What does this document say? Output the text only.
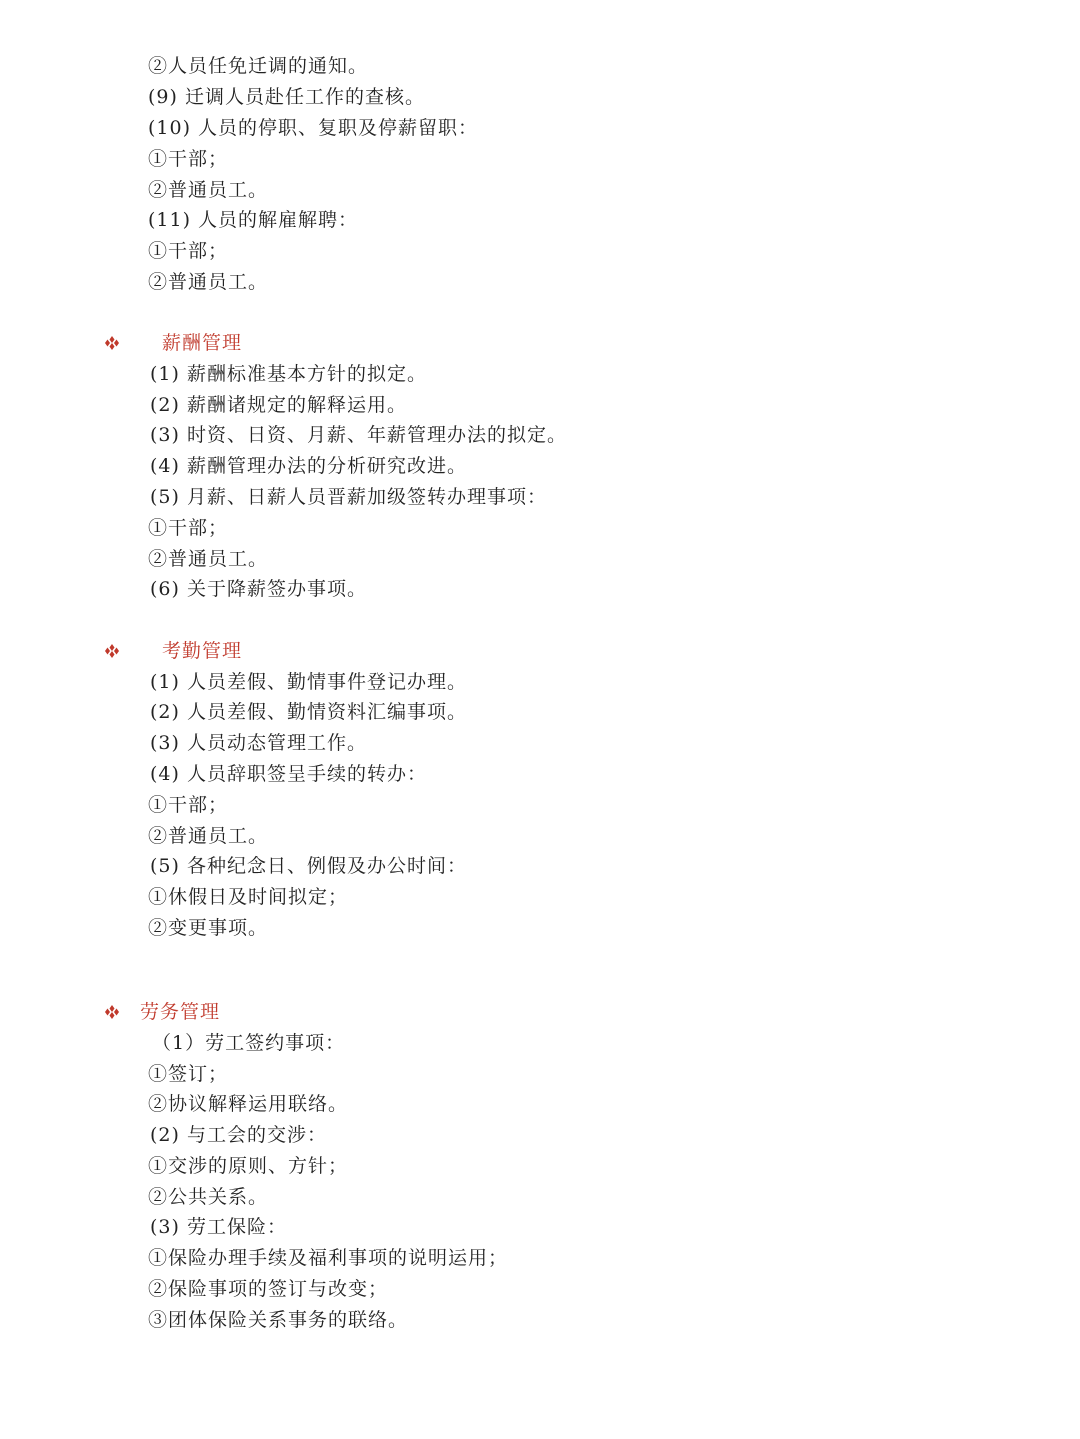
②人员任免迁调的通知。
(9) 迁调人员赴任工作的查核。
(10) 人员的停职、复职及停薪留职：
①干部；
②普通员工。
(11) 人员的解雇解聘：
①干部；
②普通员工。
薪酬管理
(1) 薪酬标准基本方针的拟定。
(2) 薪酬诸规定的解释运用。
(3) 时资、日资、月薪、年薪管理办法的拟定。
(4) 薪酬管理办法的分析研究改进。
(5) 月薪、日薪人员晋薪加级签转办理事项：
①干部；
②普通员工。
(6) 关于降薪签办事项。
考勤管理
(1) 人员差假、勤情事件登记办理。
(2) 人员差假、勤情资料汇编事项。
(3) 人员动态管理工作。
(4) 人员辞职签呈手续的转办：
①干部；
②普通员工。
(5) 各种纪念日、例假及办公时间：
①休假日及时间拟定；
②变更事项。
劳务管理
（1）劳工签约事项：
①签订；
②协议解释运用联络。
(2) 与工会的交涉：
①交涉的原则、方针；
②公共关系。
(3) 劳工保险：
①保险办理手续及福利事项的说明运用；
②保险事项的签订与改变；
③团体保险关系事务的联络。
